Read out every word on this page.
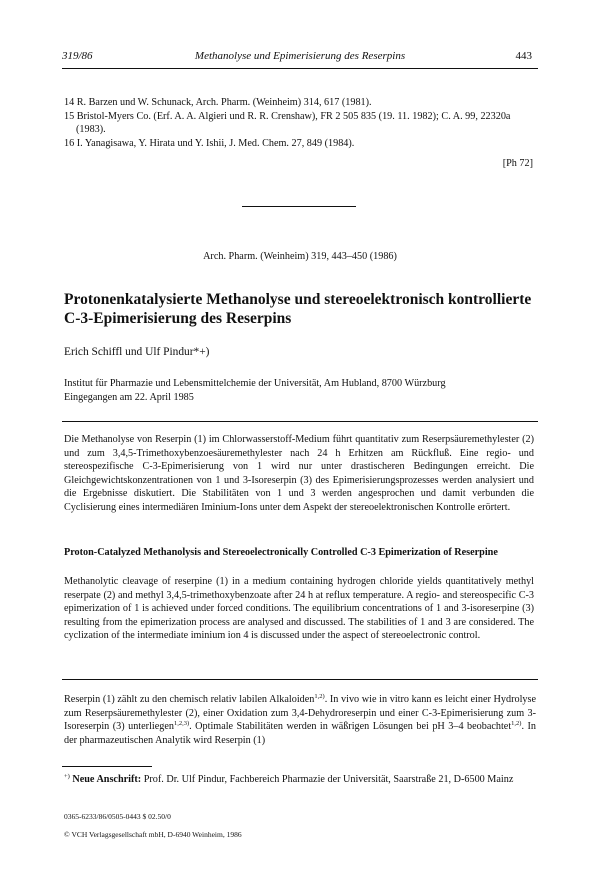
319/86	Methanolyse und Epimerisierung des Reserpins	443
14 R. Barzen und W. Schunack, Arch. Pharm. (Weinheim) 314, 617 (1981).
15 Bristol-Myers Co. (Erf. A. A. Algieri und R. R. Crenshaw), FR 2 505 835 (19. 11. 1982); C. A. 99, 22320a (1983).
16 I. Yanagisawa, Y. Hirata und Y. Ishii, J. Med. Chem. 27, 849 (1984).
[Ph 72]
Arch. Pharm. (Weinheim) 319, 443–450 (1986)
Protonenkatalysierte Methanolyse und stereoelektronisch kontrollierte C-3-Epimerisierung des Reserpins
Erich Schiffl und Ulf Pindur*+)
Institut für Pharmazie und Lebensmittelchemie der Universität, Am Hubland, 8700 Würzburg
Eingegangen am 22. April 1985
Die Methanolyse von Reserpin (1) im Chlorwasserstoff-Medium führt quantitativ zum Reserpsäuremethylester (2) und zum 3,4,5-Trimethoxybenzoesäuremethylester nach 24 h Erhitzen am Rückfluß. Eine regio- und stereospezifische C-3-Epimerisierung von 1 wird nur unter drastischeren Bedingungen erreicht. Die Gleichgewichtskonzentrationen von 1 und 3-Isoreserpin (3) des Epimerisierungsprozesses werden analysiert und die Ergebnisse diskutiert. Die Stabilitäten von 1 und 3 werden angesprochen und damit verbunden die Cyclisierung eines intermediären Iminium-Ions unter dem Aspekt der stereoelektronischen Kontrolle erörtert.
Proton-Catalyzed Methanolysis and Stereoelectronically Controlled C-3 Epimerization of Reserpine
Methanolytic cleavage of reserpine (1) in a medium containing hydrogen chloride yields quantitatively methyl reserpate (2) and methyl 3,4,5-trimethoxybenzoate after 24 h at reflux temperature. A regio- and stereospecific C-3 epimerization of 1 is achieved under forced conditions. The equilibrium concentrations of 1 and 3-isoreserpine (3) resulting from the epimerization process are analysed and discussed. The stabilities of 1 and 3 are considered. The cyclization of the intermediate iminium ion 4 is discussed under the aspect of stereoelectronic control.
Reserpin (1) zählt zu den chemisch relativ labilen Alkaloiden$^{1,2)}$. In vivo wie in vitro kann es leicht einer Hydrolyse zum Reserpsäuremethylester (2), einer Oxidation zum 3,4-Dehydroreserpin und einer C-3-Epimerisierung zum 3-Isoreserpin (3) unterliegen$^{1,2,3)}$. Optimale Stabilitäten werden in wäßrigen Lösungen bei pH 3–4 beobachtet$^{1,2)}$. In der pharmazeutischen Analytik wird Reserpin (1)
+) Neue Anschrift: Prof. Dr. Ulf Pindur, Fachbereich Pharmazie der Universität, Saarstraße 21, D-6500 Mainz
0365-6233/86/0505-0443 $ 02.50/0
© VCH Verlagsgesellschaft mbH, D-6940 Weinheim, 1986
